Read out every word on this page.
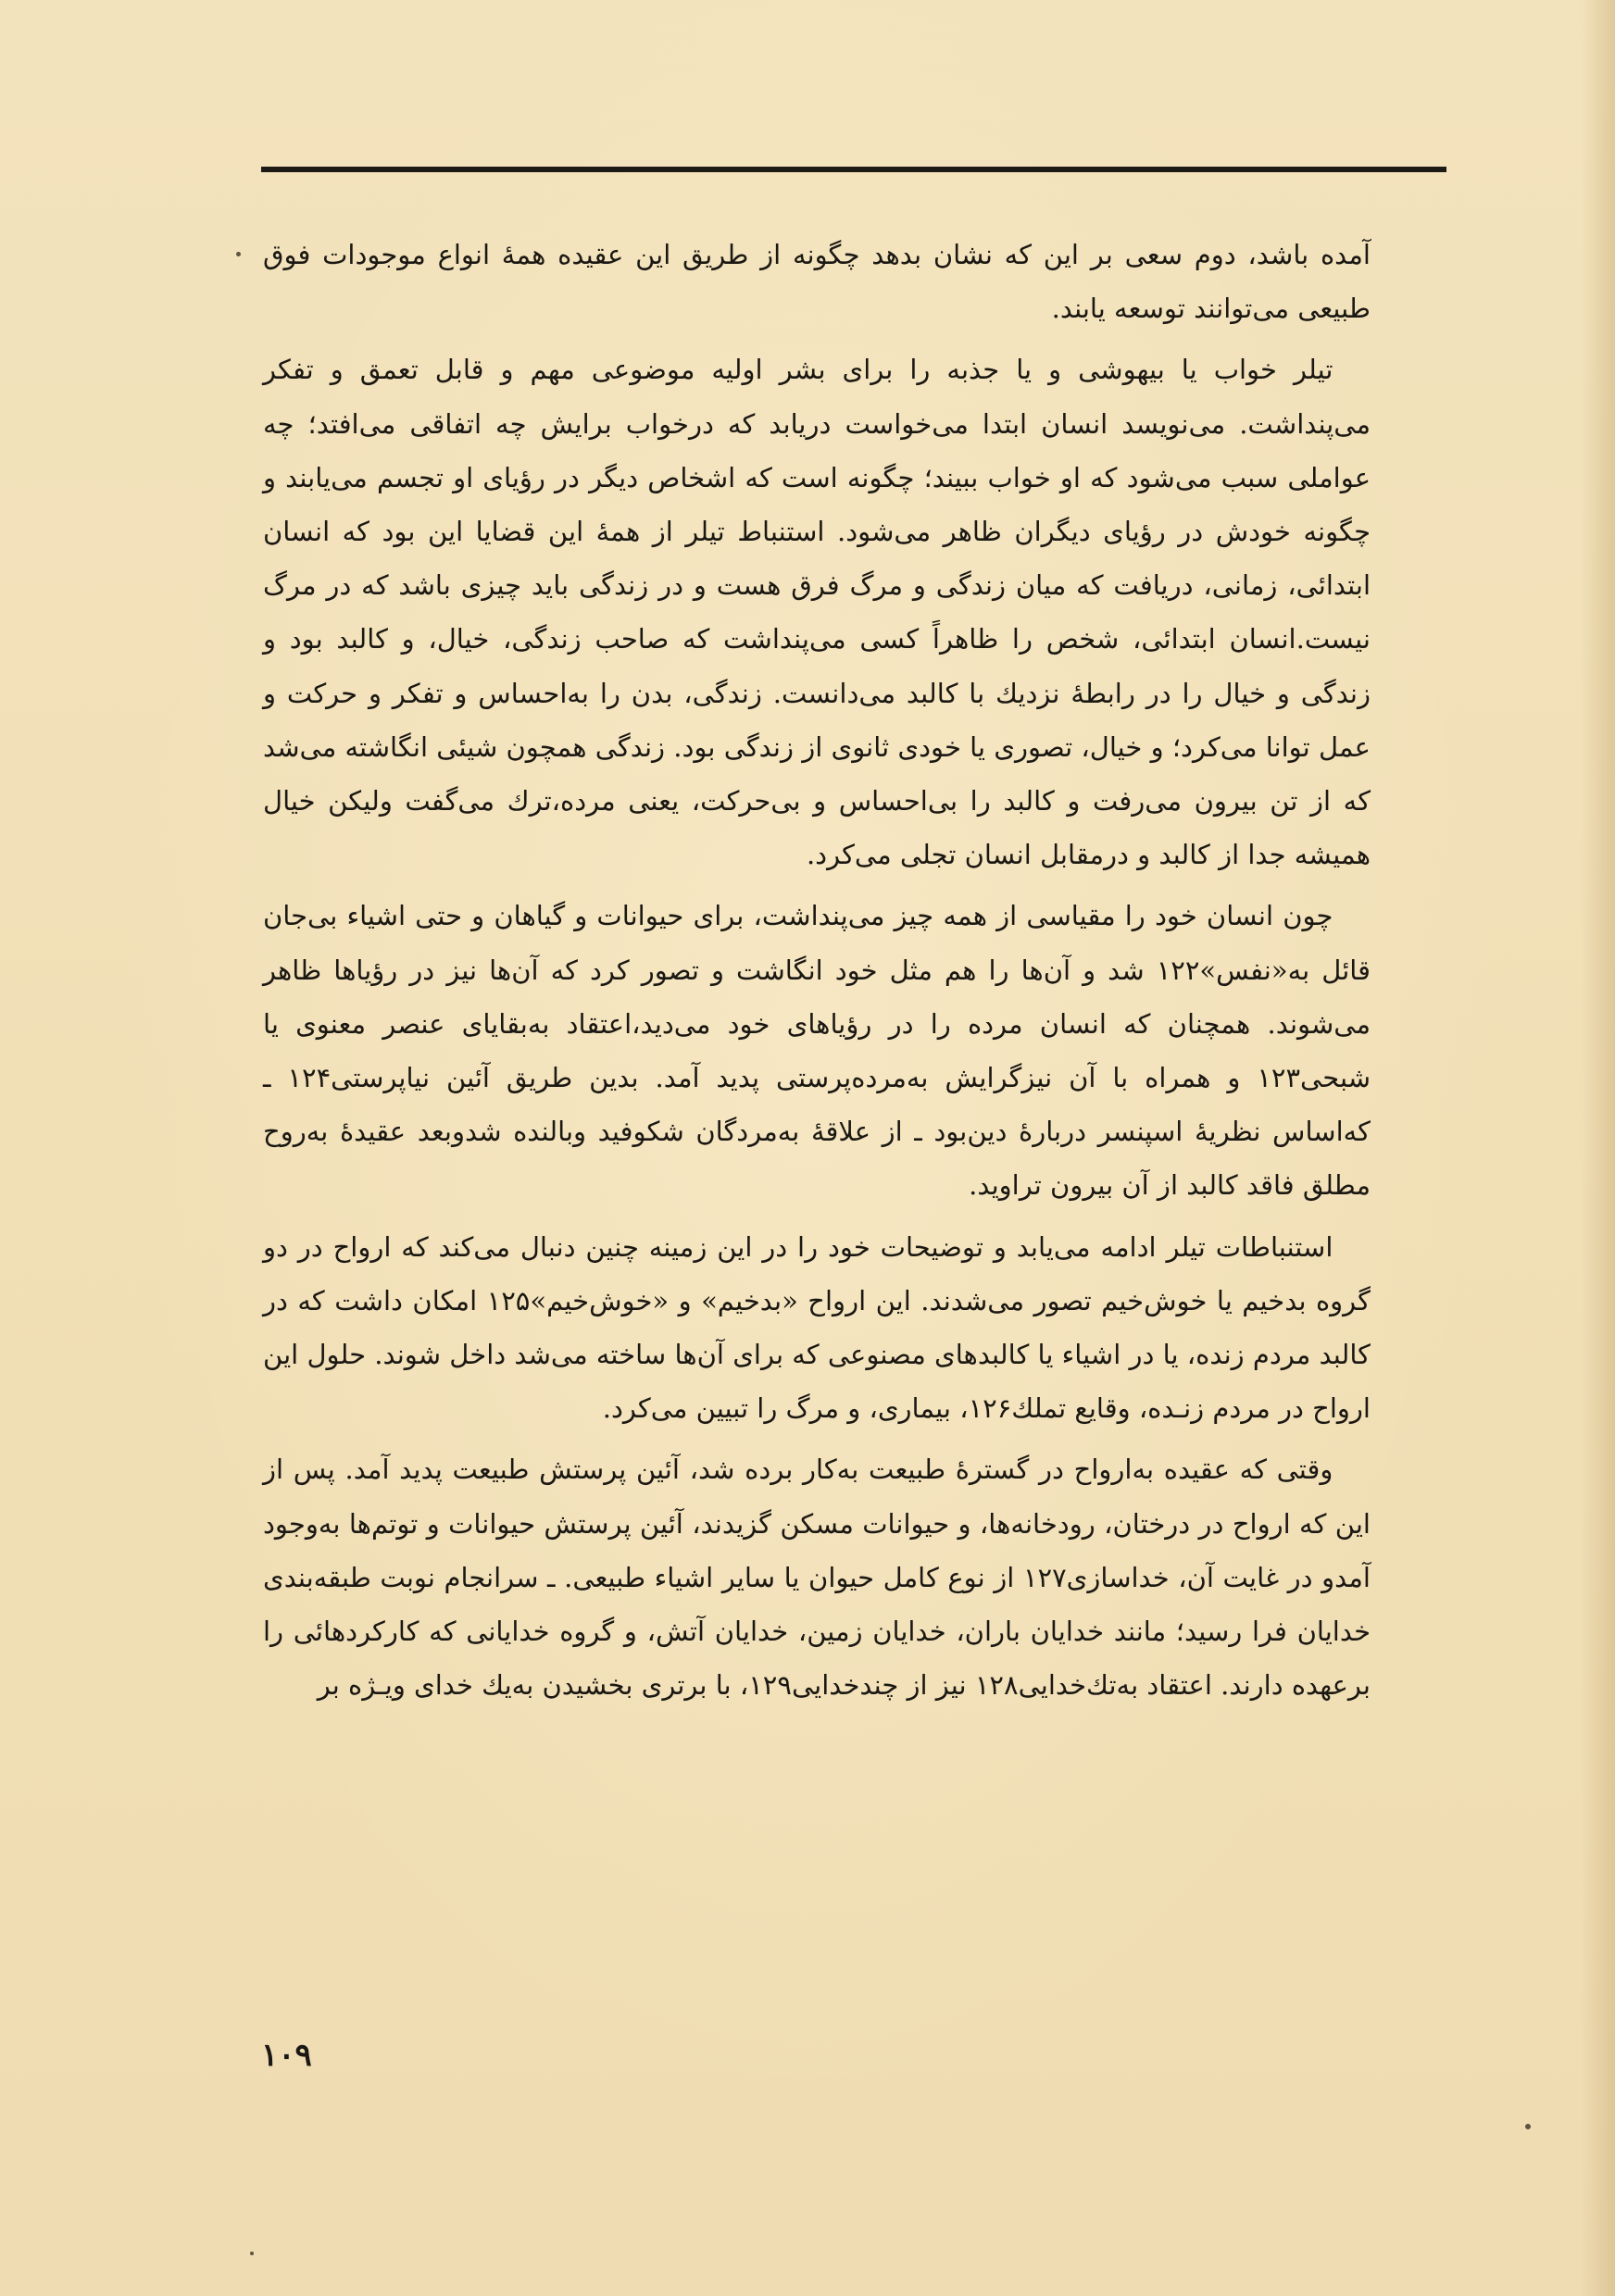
آمده باشد، دوم سعی بر این که نشان بدهد چگونه از طریق این عقیده همهٔ انواع موجودات فوق طبیعی می‌توانند توسعه یابند.

تیلر خواب یا بیهوشی و یا جذبه را برای بشر اولیه موضوعی مهم و قابل تعمق و تفکر می‌پنداشت. می‌نویسد انسان ابتدا می‌خواست دریابد که درخواب برایش چه اتفاقی می‌افتد؛ چه عواملی سبب می‌شود که او خواب ببیند؛ چگونه است که اشخاص دیگر در رؤیای او تجسم می‌یابند و چگونه خودش در رؤیای دیگران ظاهر می‌شود. استنباط تیلر از همهٔ این قضایا این بود که انسان ابتدائی، زمانی، دریافت که میان زندگی و مرگ فرق هست و در زندگی باید چیزی باشد که در مرگ نیست.انسان ابتدائی، شخص را ظاهراً کسی می‌پنداشت که صاحب زندگی، خیال، و کالبد بود و زندگی و خیال را در رابطهٔ نزدیك با کالبد می‌دانست. زندگی، بدن را به‌احساس و تفکر و حرکت و عمل توانا می‌کرد؛ و خیال، تصوری یا خودی ثانوی از زندگی بود. زندگی همچون شیئی انگاشته می‌شد که از تن بیرون می‌رفت و کالبد را بی‌احساس و بی‌حرکت، یعنی مرده،ترك می‌گفت ولیکن خیال همیشه جدا از کالبد و درمقابل انسان تجلی می‌کرد.

چون انسان خود را مقیاسی از همه چیز می‌پنداشت، برای حیوانات و گیاهان و حتی اشیاء بی‌جان قائل به«نفس»۱۲۲ شد و آن‌ها را هم مثل خود انگاشت و تصور کرد که آن‌ها نیز در رؤیاها ظاهر می‌شوند. همچنان که انسان مرده را در رؤیاهای خود می‌دید،اعتقاد به‌بقایای عنصر معنوی یا شبحی۱۲۳ و همراه با آن نیزگرایش به‌مرده‌پرستی پدید آمد. بدین طریق آئین نیاپرستی۱۲۴ ـ که‌اساس نظریهٔ اسپنسر دربارهٔ دین‌بود ـ از علاقهٔ به‌مردگان شکوفید وبالنده شدوبعد عقیدهٔ به‌روح مطلق فاقد کالبد از آن بیرون تراوید.

استنباطات تیلر ادامه می‌یابد و توضیحات خود را در این زمینه چنین دنبال می‌کند که ارواح در دو گروه بدخیم یا خوش‌خیم تصور می‌شدند. این ارواح «بدخیم» و «خوش‌خیم»۱۲۵ امکان داشت که در کالبد مردم زنده، یا در اشیاء یا کالبدهای مصنوعی که برای آن‌ها ساخته می‌شد داخل شوند. حلول این ارواح در مردم زنـده، وقایع تملك۱۲۶، بیماری، و مرگ را تبیین می‌کرد.

وقتی که عقیده به‌ارواح در گسترهٔ طبیعت به‌کار برده شد، آئین پرستش طبیعت پدید آمد. پس از این که ارواح در درختان، رودخانه‌ها، و حیوانات مسکن گزیدند، آئین پرستش حیوانات و توتم‌ها به‌وجود آمدو در غایت آن، خداسازی۱۲۷ از نوع کامل حیوان یا سایر اشیاء طبیعی. ـ سرانجام نوبت طبقه‌بندی خدایان فرا رسید؛ مانند خدایان باران، خدایان زمین، خدایان آتش، و گروه خدایانی که کارکردهائی را برعهده دارند. اعتقاد به‌تك‌خدایی۱۲۸ نیز از چندخدایی۱۲۹، با برتری بخشیدن به‌یك خدای ویـژه بر

۱۰۹
